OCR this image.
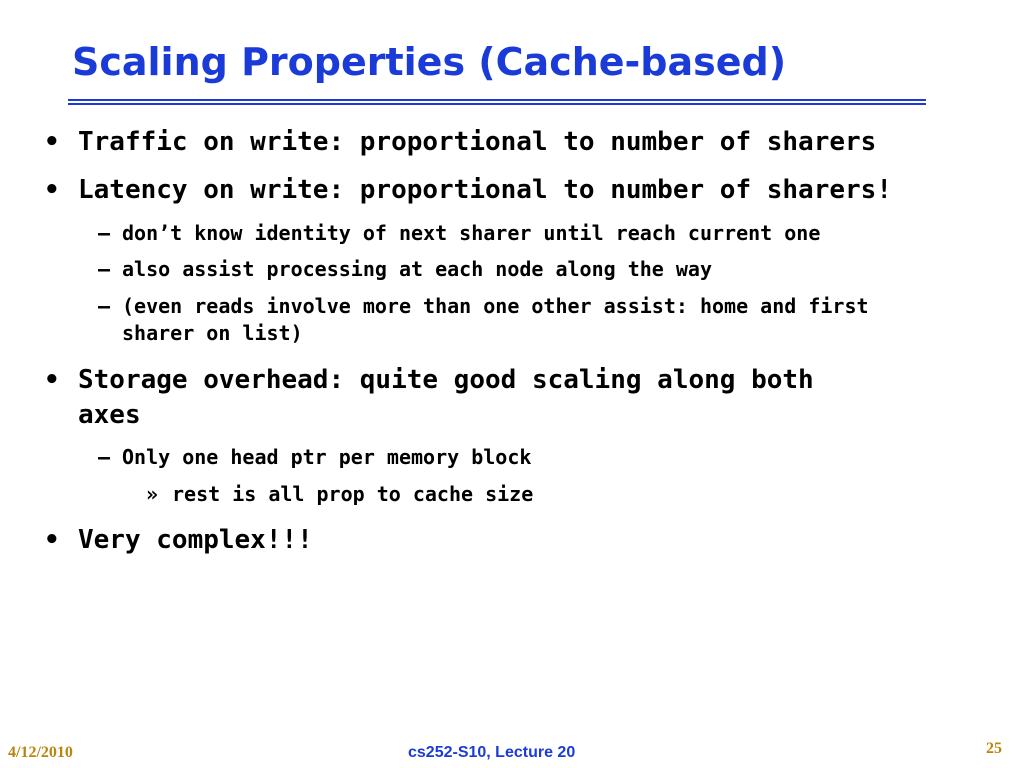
Scaling Properties (Cache-based)
• Traffic on write: proportional to number of sharers
• Latency on write: proportional to number of sharers!
– don’t know identity of next sharer until reach current one
– also assist processing at each node along the way
– (even reads involve more than one other assist: home and first
sharer on list)
• Storage overhead: quite good scaling along both
axes
– Only one head ptr per memory block
» rest is all prop to cache size
• Very complex!!!
4/12/2010	cs252-S10, Lecture 20	25
